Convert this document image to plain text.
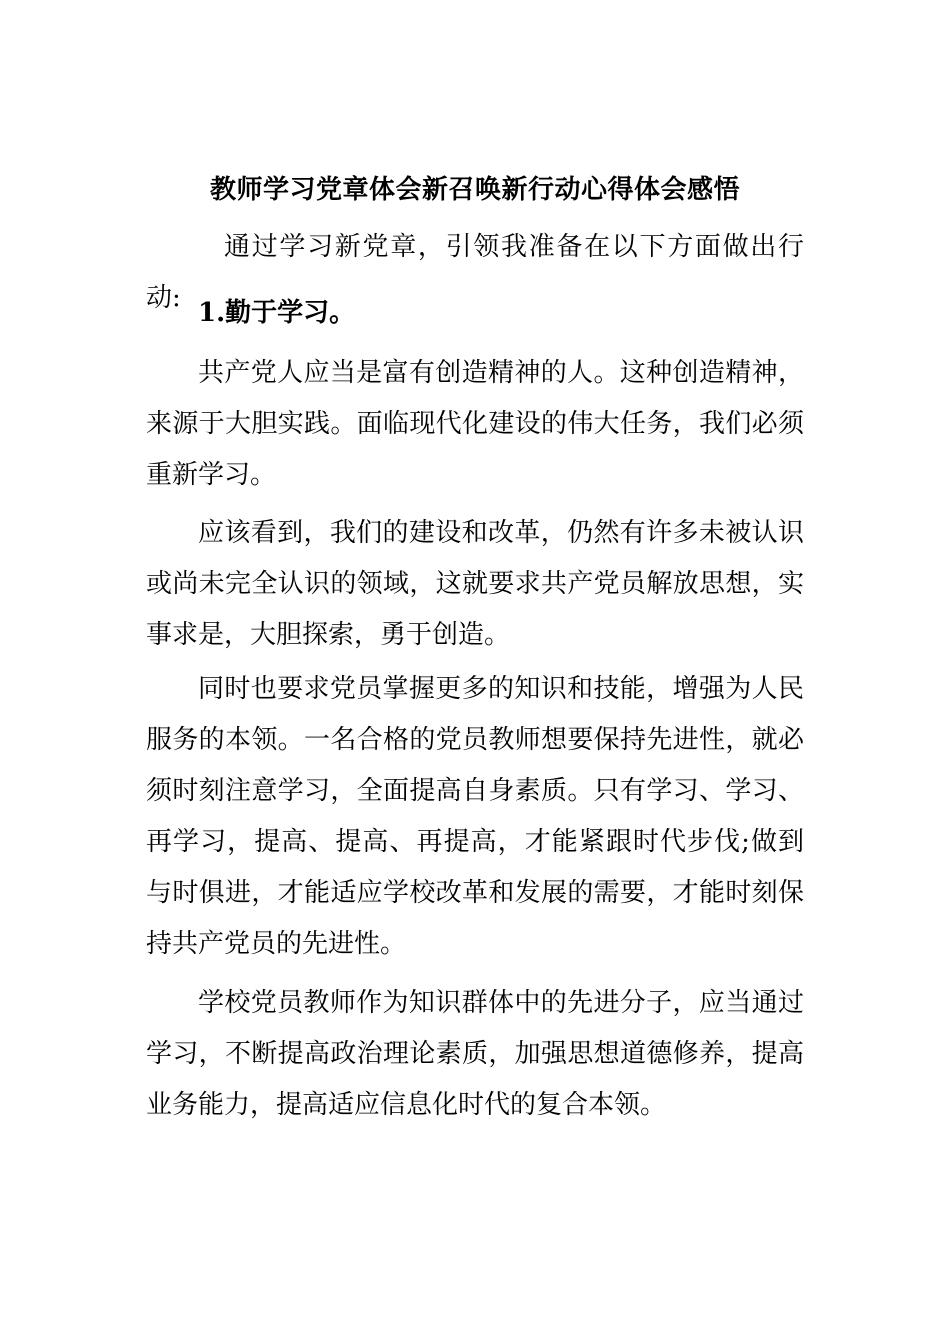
教师学习党章体会新召唤新行动心得体会感悟

通过学习新党章，引领我准备在以下方面做出行动: 1.勤于学习。

共产党人应当是富有创造精神的人。这种创造精神，来源于大胆实践。面临现代化建设的伟大任务，我们必须重新学习。

应该看到，我们的建设和改革，仍然有许多未被认识或尚未完全认识的领域，这就要求共产党员解放思想，实事求是，大胆探索，勇于创造。

同时也要求党员掌握更多的知识和技能，增强为人民服务的本领。一名合格的党员教师想要保持先进性，就必须时刻注意学习，全面提高自身素质。只有学习、学习、再学习，提高、提高、再提高，才能紧跟时代步伐;做到与时俱进，才能适应学校改革和发展的需要，才能时刻保持共产党员的先进性。

学校党员教师作为知识群体中的先进分子，应当通过学习，不断提高政治理论素质，加强思想道德修养，提高业务能力，提高适应信息化时代的复合本领。
